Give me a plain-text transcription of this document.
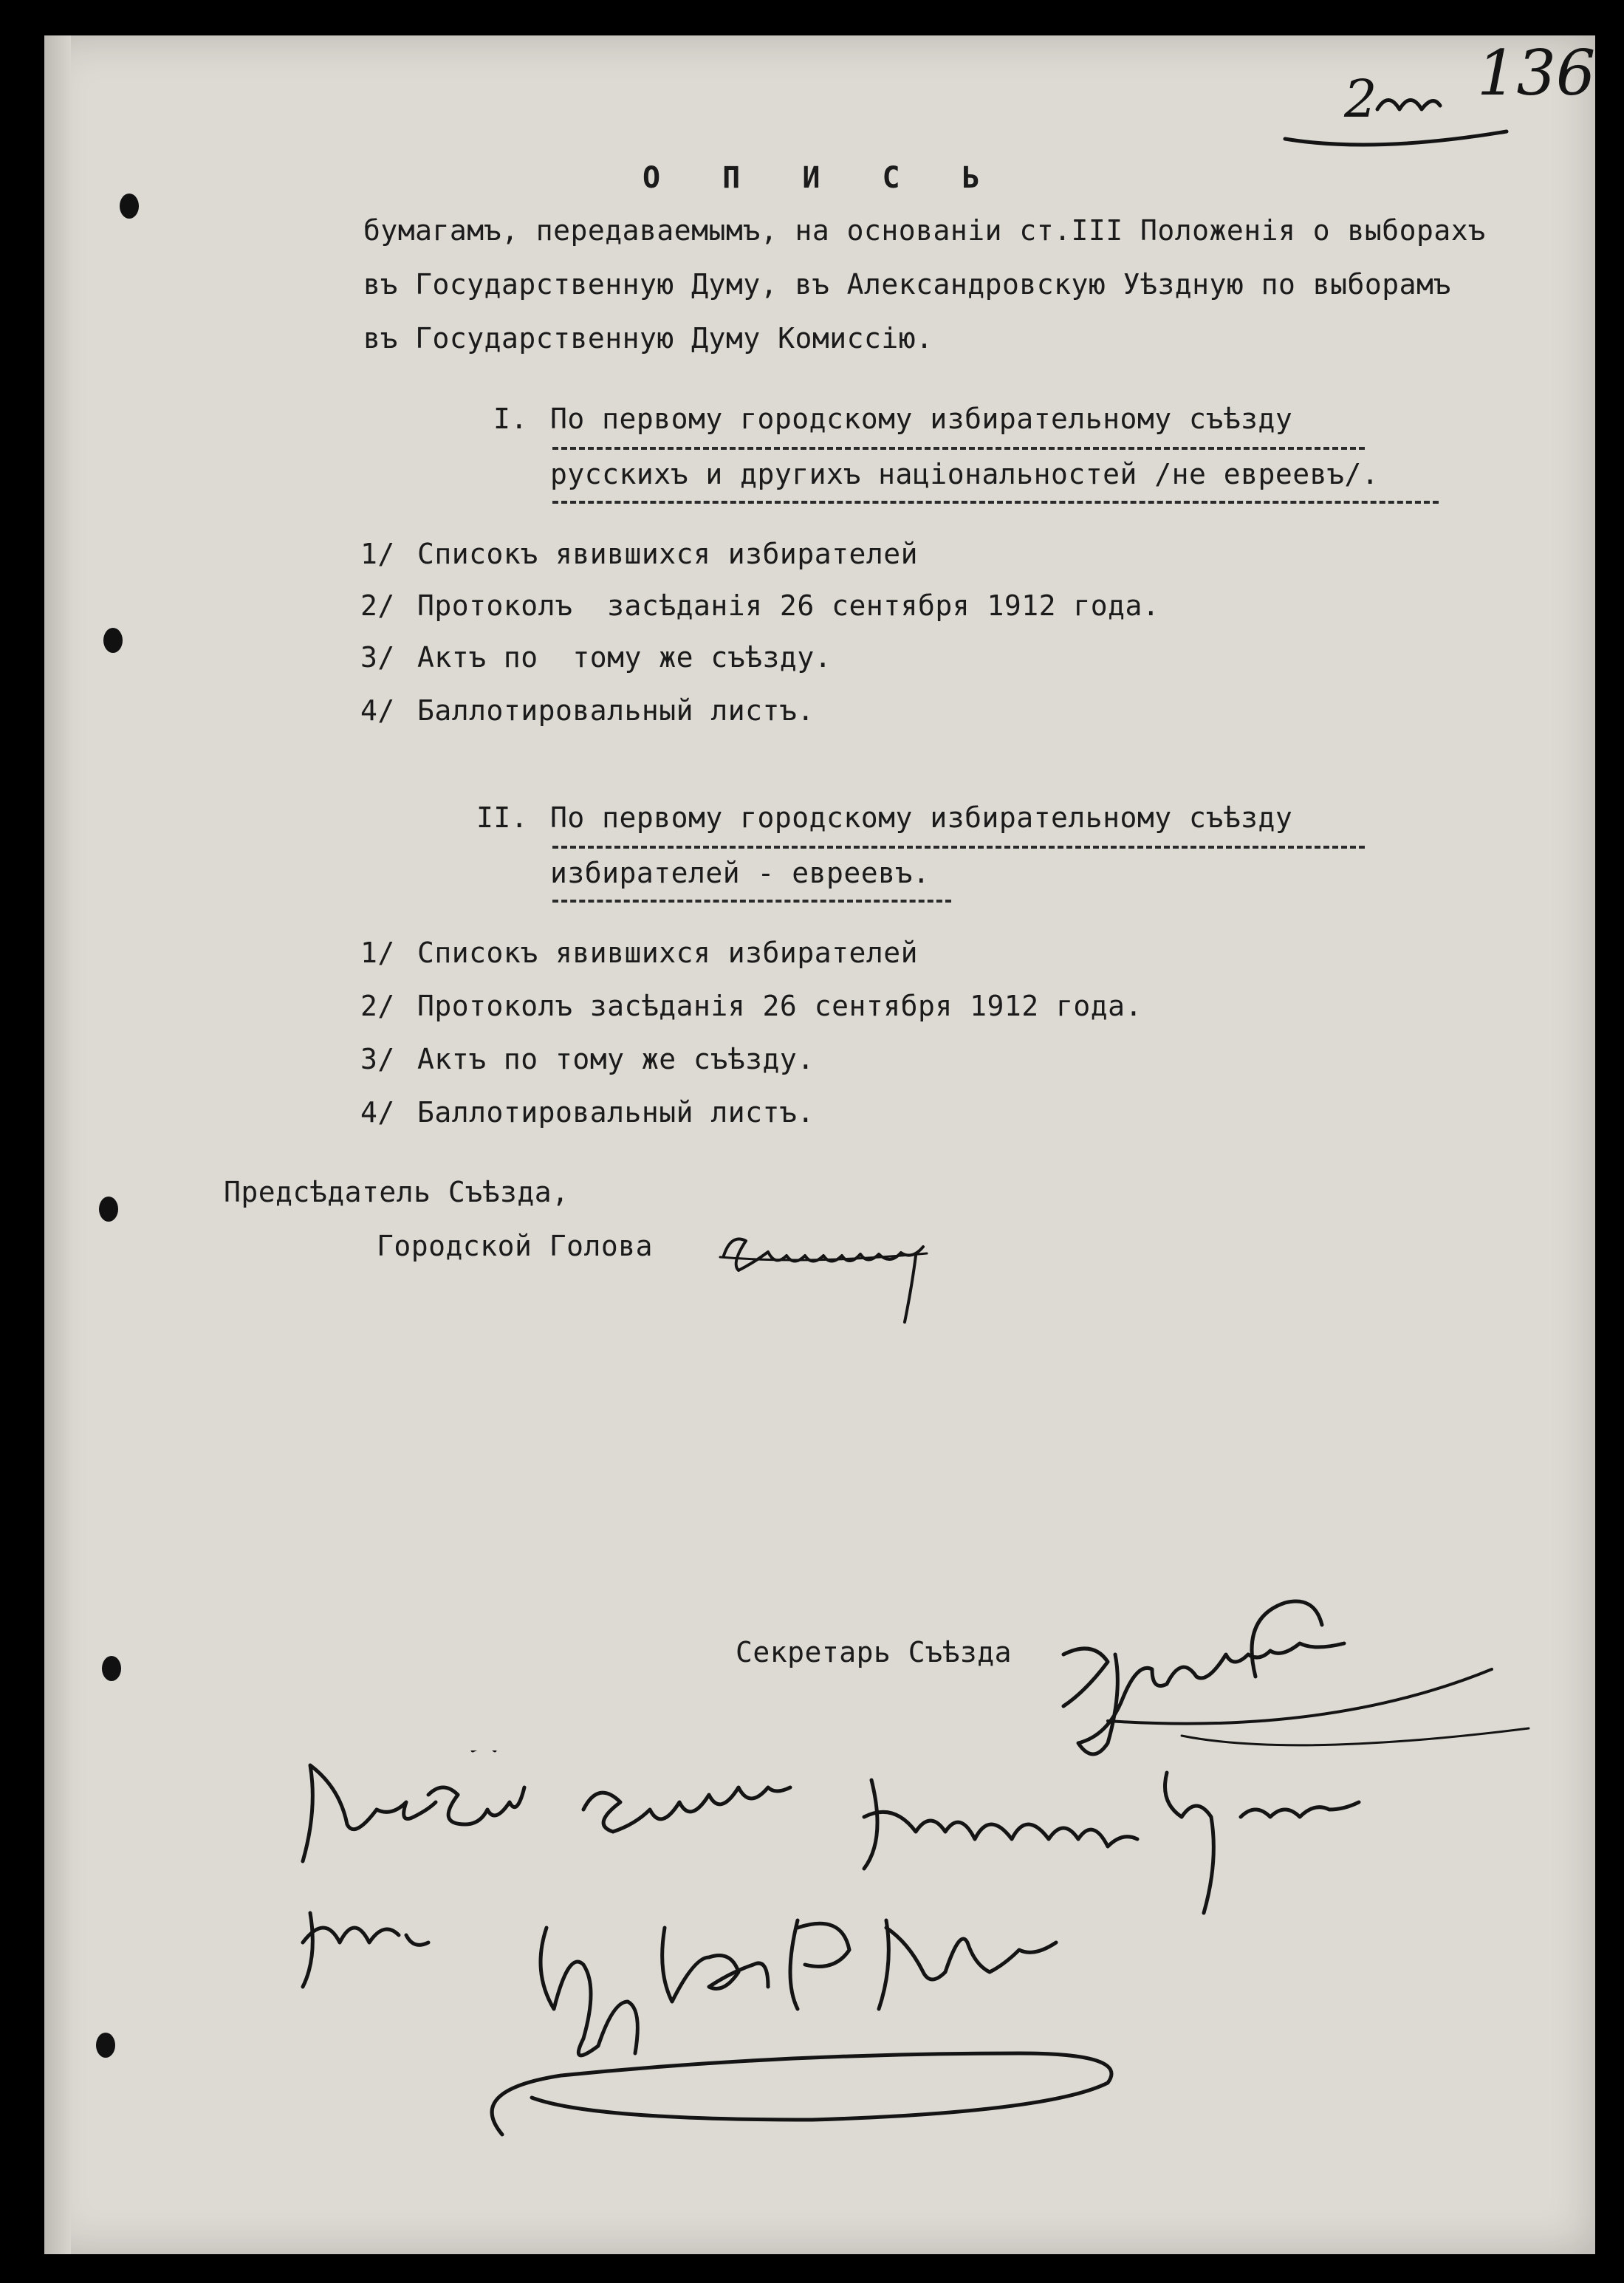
2 136
О П И С Ь
бумагамъ, передаваемымъ, на основаніи ст.III Положенія о выборахъ
въ Государственную Думу, въ Александровскую Уѣздную по выборамъ
въ Государственную Думу Комиссію.
I. По первому городскому избирательному съѣзду
русскихъ и другихъ національностей /не евреевъ/.
1/ Списокъ явившихся избирателей
2/ Протоколъ  засѣданія 26 сентября 1912 года.
3/ Актъ по  тому же съѣзду.
4/ Баллотировальный листъ.
II. По первому городскому избирательному съѣзду
избирателей - евреевъ.
1/ Списокъ явившихся избирателей
2/ Протоколъ засѣданія 26 сентября 1912 года.
3/ Актъ по тому же съѣзду.
4/ Баллотировальный листъ.
Предсѣдатель Съѣзда,
Городской Голова
Секретарь Съѣзда
